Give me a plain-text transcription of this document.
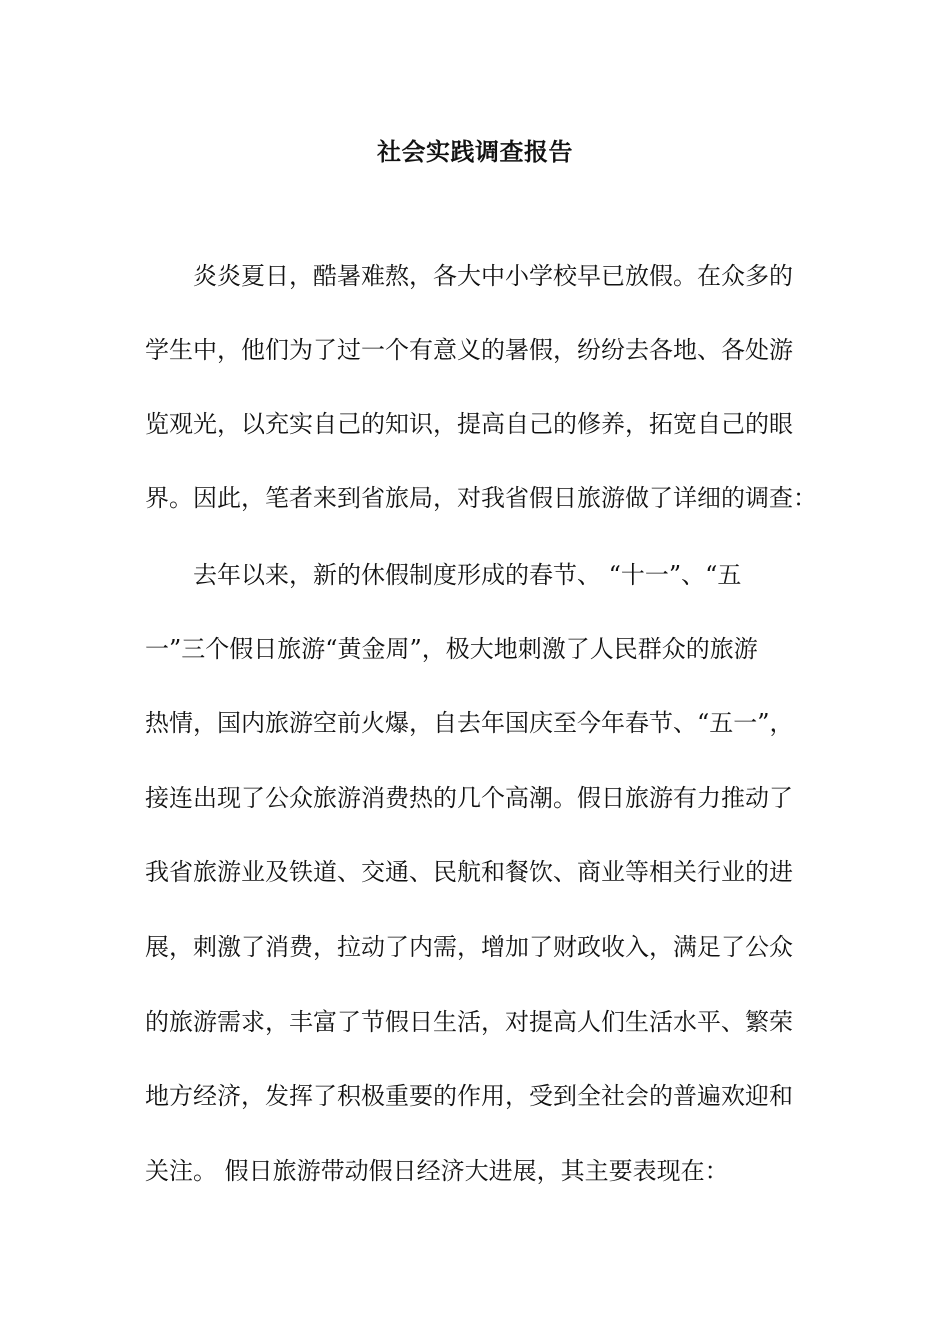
社会实践调查报告
　　炎炎夏日，酷暑难熬，各大中小学校早已放假。在众多的
学生中，他们为了过一个有意义的暑假，纷纷去各地、各处游
览观光，以充实自己的知识，提高自己的修养，拓宽自己的眼
界。因此，笔者来到省旅局，对我省假日旅游做了详细的调查：
　　去年以来，新的休假制度形成的春节、 “十一”、“五
一”三个假日旅游“黄金周”，极大地刺激了人民群众的旅游
热情，国内旅游空前火爆，自去年国庆至今年春节、“五一”，
接连出现了公众旅游消费热的几个高潮。假日旅游有力推动了
我省旅游业及铁道、交通、民航和餐饮、商业等相关行业的进
展，刺激了消费，拉动了内需，增加了财政收入，满足了公众
的旅游需求，丰富了节假日生活，对提高人们生活水平、繁荣
地方经济，发挥了积极重要的作用，受到全社会的普遍欢迎和
关注。 假日旅游带动假日经济大进展，其主要表现在：
